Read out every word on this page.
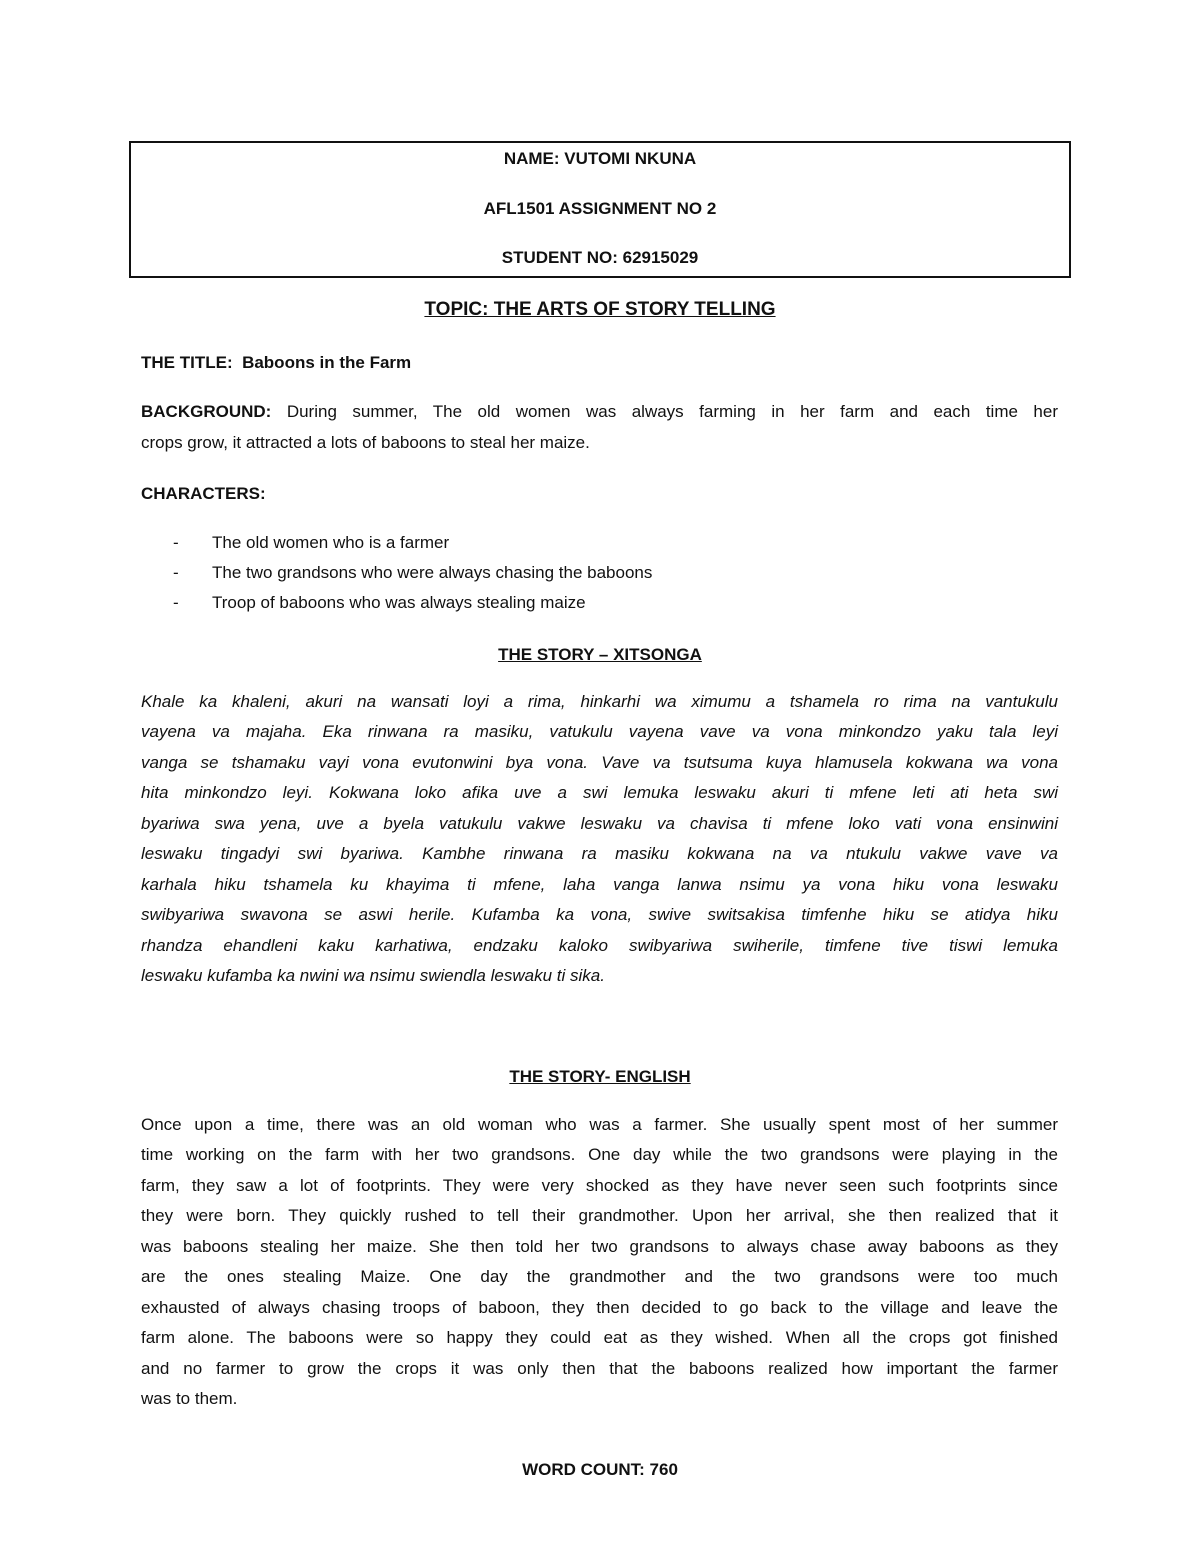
NAME: VUTOMI NKUNA
AFL1501 ASSIGNMENT NO 2
STUDENT NO: 62915029
TOPIC: THE ARTS OF STORY TELLING
THE TITLE: Baboons in the Farm
BACKGROUND: During summer, The old women was always farming in her farm and each time her
crops grow, it attracted a lots of baboons to steal her maize.
CHARACTERS:
- The old women who is a farmer
- The two grandsons who were always chasing the baboons
- Troop of baboons who was always stealing maize
THE STORY – XITSONGA
Khale ka khaleni, akuri na wansati loyi a rima, hinkarhi wa ximumu a tshamela ro rima na vantukulu
vayena va majaha. Eka rinwana ra masiku, vatukulu vayena vave va vona minkondzo yaku tala leyi
vanga se tshamaku vayi vona evutonwini bya vona. Vave va tsutsuma kuya hlamusela kokwana wa vona
hita minkondzo leyi. Kokwana loko afika uve a swi lemuka leswaku akuri ti mfene leti ati heta swi
byariwa swa yena, uve a byela vatukulu vakwe leswaku va chavisa ti mfene loko vati vona ensinwini
leswaku tingadyi swi byariwa. Kambhe rinwana ra masiku kokwana na va ntukulu vakwe vave va
karhala hiku tshamela ku khayima ti mfene, laha vanga lanwa nsimu ya vona hiku vona leswaku
swibyariwa swavona se aswi herile. Kufamba ka vona, swive switsakisa timfenhe hiku se atidya hiku
rhandza ehandleni kaku karhatiwa, endzaku kaloko swibyariwa swiherile, timfene tive tiswi lemuka
leswaku kufamba ka nwini wa nsimu swiendla leswaku ti sika.
THE STORY- ENGLISH
Once upon a time, there was an old woman who was a farmer. She usually spent most of her summer
time working on the farm with her two grandsons. One day while the two grandsons were playing in the
farm, they saw a lot of footprints. They were very shocked as they have never seen such footprints since
they were born. They quickly rushed to tell their grandmother. Upon her arrival, she then realized that it
was baboons stealing her maize. She then told her two grandsons to always chase away baboons as they
are the ones stealing Maize. One day the grandmother and the two grandsons were too much
exhausted of always chasing troops of baboon, they then decided to go back to the village and leave the
farm alone. The baboons were so happy they could eat as they wished. When all the crops got finished
and no farmer to grow the crops it was only then that the baboons realized how important the farmer
was to them.
WORD COUNT: 760
